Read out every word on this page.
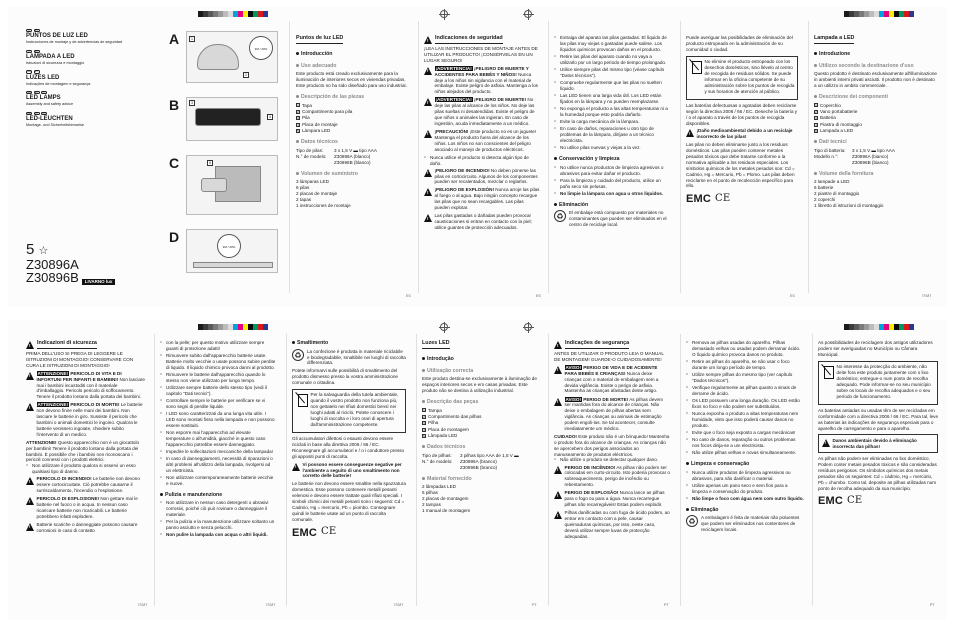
IT	MT
PUNTOS DE LUZ LED
Instrucciones de montaje y de advertencias de seguridad
IT	MT
LAMPADA A LED
Istruzioni di sicurezza e montaggio
GB	MT
LUZES LED
Indicações de montagem e segurança
GB	MT	CY
LED LAMPS
Assembly and safety advice
DE	AT	CH
LED-LEUCHTEN
Montage- und Sicherheitshinweise
5 ☆
Z30896A
Z30896B	LIVARNO lux
A
3M / 20%
1
2
B	3
4
C	5
D
3M / 20%
Puntos de luz LED
Introducción
Uso adecuado

Este producto está creado exclusivamente para la iluminación de interiores secos en viviendas privadas. Este producto no ha sido diseñado para uso industrial.

Descripción de las piezas
1 Tapa
2 Compartimento para pila
3 Pila
4 Placa de montaje
5 Lámpara LED
Datos técnicos
Tipo de pilas:	3 x 1,5 V ▬ tipo AAA
N.° de modelo:	Z30896A (blanco)
Z30896B (blanco)
Volumen de suministro
3 lámparas LED
6 pilas
2 placas de montaje
2 tapas
1 instrucciones de montaje
ES
!
Indicaciones de seguridad

¡LEA LAS INSTRUCCIONES DE MONTAJE ANTES DE UTILIZAR EL PRODUCTO! ¡CONSÉRVELAS EN UN LUGAR SEGURO!

!
¡ADVERTENCIA! ¡PELIGRO DE MUERTE Y ACCIDENTES PARA BEBÉS Y NIÑOS! Nunca deje a los niños sin vigilancia con el material de embalaje. Existe peligro de asfixia. Mantenga a los niños alejados del producto.
!
¡ADVERTENCIA! ¡PELIGRO DE MUERTE! No deje las pilas al alcance de los niños. No deje las pilas sueltas ni desatendidas. Existe el peligro de que niños o animales las ingieran. En caso de ingestión, acuda inmediatamente a un médico.
!
¡PRECAUCIÓN! ¡Este producto no es un juguete! Mantenga el producto fuera del alcance de los niños. Los niños no son conscientes del peligro asociado al manejo de productos eléctricos.
□ Nunca utilice el producto si detecta algún tipo de daño.
!
¡PELIGRO DE INCENDIO! No deben ponerse las pilas en cortocircuito. Algunos de los componentes pueden ser recalentados, mezclar o reglarlos.
!
¡PELIGRO DE EXPLOSIÓN! Nunca arroje las pilas al fuego o al agua. Bajo ningún concepto recargue las pilas que no sean recargables. Las pilas pueden explotar.
!
Las pilas gastadas o dañadas pueden provocar causticaciones si entran en contacto con la piel; utilice guantes de protección adecuados.
ES
□ Extraiga del aparato las pilas gastadas. El líquido de las pilas muy viejas o gastadas puede salirse. Los líquidos químicos provocan daños en el producto.
□ Retire las pilas del aparato cuando no vaya a utilizarlo por un largo periodo de tiempo prolongado.
□ Utilice siempre pilas del mismo tipo (véase capítulo "Datos técnicos").
□ Compruebe regularmente que las pilas no suelten líquido.
□ Las LED tienen una larga vida útil. Los LED están fijados en la lámpara y no pueden reemplazarse.
□ No exponga el producto a las altas temperaturas ni a la humedad porque esto podría dañarlo.
□ Evite la carga mecánica de la lámpara.
□ En caso de daños, reparaciones u otro tipo de problemas de la lámpara, diríjase a un técnico electricista.
□ No utilice pilas nuevas y viejas a la vez.
Conservación y limpieza
□ No utilice nunca productos de limpieza agresivos o abrasivos para evitar dañar el producto.
□ Para la limpieza y cuidado del producto, utilice un paño seco sin pelusas.
□ No limpie la lámpara con agua u otros líquidos.
Eliminación
♻	El embalaje está compuesto por materiales no contaminantes que pueden ser eliminados en el centro de reciclaje local.

Puede averiguar las posibilidades de eliminación del producto estropeado en la administración de su comunidad o ciudad.

No elimine el producto estropeado con los desechos domésticos, sino llévelo al centro de recogida de residuos sólidos. Se puede informar en la oficina competente de su administración sobre los puntos de recogida y sus horarios de atención al público.

Las baterías defectuosas o agotadas deben reciclarse según la directiva 2006 / 66 / EC. Deseche la batería y / o el aparato a través de los puntos de recogida disponibles.

!
¡Daño medioambiental debido a un reciclaje incorrecto de las pilas!

Las pilas no deben eliminarse junto a los residuos domésticos. Las pilas pueden contener metales pesados tóxicos que debe tratarse conforme a la normativa aplicable a los residuos especiales. Los símbolos químicos de los metales pesados son: Cd = Cadmio, Hg = Mercurio, Pb = Plomo. Las pilas deben reciclarse en el punto de recolección específico para ello.

EMC CE
ES
Lampada a LED
Introduzione
Utilizzo secondo la destinazione d'uso

Questo prodotto è destinato esclusivamente all'illuminazione in ambienti interni privati asciutti. Il prodotto non è destinato a un utilizzo in ambito commerciale.

Descrizione dei componenti
1 Coperchio
2 Vano portabatterie
3 Batteria
4 Piastra di montaggio
5 Lampada a LED
Dati tecnici
Tipo di batteria:	3 x 1,5 V ▬ tipo AAA
Modello n.°:	Z30896A (bianco)
Z30896B (bianco)
Volume della fornitura
2 lampade a LED
6 batterie
2 piastre di montaggio
2 coperchi
1 libretto di istruzioni di montaggio
IT/MT
!
Indicazioni di sicurezza

PRIMA DELL'USO SI PREGA DI LEGGERE LE ISTRUZIONI DI MONTAGGIO! CONSERVARE CON CURA LE ISTRUZIONI DI MONTAGGIO!

!
ATTENZIONE! PERICOLO DI VITA E DI INFORTUNI PER INFANTI E BAMBINI! Non lasciare mai i bambini incustoditi con il materiale d'imballaggio. Pericolo pericolo di soffocamento. Tenere il prodotto lontano dalla portata dei bambini.
!
ATTENZIONE! PERICOLO DI MORTE! Le batterie non devono finire nelle mani dei bambini. Non lasciare le batterie in giro. Sussiste il pericolo che bambini o animali domestici le ingoino. Qualora le batterie venissero ingoiate, chiedere subito l'intervento di un medico.
ATTENZIONE! Questo apparecchio non è un giocattolo per bambini! Tenere il prodotto lontano dalla portata dei bambini. È possibile che i bambini non riconoscano i pericoli connessi con i prodotti elettrici.
□ Non utilizzare il prodotto qualora si osservi un esso qualsiasi tipo di danno.
!
PERICOLO DI INCENDIO! Le batterie non devono essere cortocircuitate. Ciò potrebbe causarne il surriscaldamento, l'incendio o l'esplosione.
!
PERICOLO DI ESPLOSIONE! Non gettare mai le batterie nel fuoco o in acqua. In nessun caso ricaricare batterie non ricaricabili. Le batterie potrebbero infatti esplodere.
!
Batterie scariche o danneggiate possono causare corrosioni in caso di contatto
IT/MT
□ con la pelle; per questo motivo utilizzare sempre guanti di protezione adatti!
□ Rimuovere subito dall'apparecchio batterie usate. Batterie molto vecchie o usate possono subire perdite di liquido. Il liquido chimico provoca danni al prodotto.
□ Rimuovere le batterie dall'apparecchio quando lo stesso non viene utilizzato per lungo tempo.
□ Utilizzare sempre batterie dello stesso tipo (vedi il capitolo "Dati tecnici").
□ Controllare sempre le batterie per verificare se vi sono segni di perdite liquide.
□ I LED sono caratterizzati da una lunga vita utile. I LED sono montati fisso nella lampada e non possono essere sostituiti.
□ Non esporre mai l'apparecchio ad elevate temperature o all'umidità, giacché in questo caso l'apparecchio potrebbe essere danneggiato.
□ Impedire le sollecitazioni meccaniche della lampada!
□ In caso di danneggiamenti, necessità di riparazioni o altri problemi all'utilizzo della lampada, rivolgersi ad un elettricista.
□ Non utilizzare contemporaneamente batterie vecchie e nuove.
Pulizia e manutenzione
□ Non utilizzare in nessun caso detergenti o abrasivi corrosivi, poiché ciò può rovinare o danneggiare il materiale.
□ Per la pulizia e la manutenzione utilizzare soltanto un panno asciutto e senza pelucchi.
□ Non pulire la lampada con acqua o altri liquidi.
IT/MT
Smaltimento
♻	La confezione è prodotta in materiale riciclabile e biodegradabile, smaltibile nei luoghi di raccolta differenziata.

Potete informarvi sulle possibilità di smaltimento del prodotto dismesso presso la vostra amministrazione comunale o cittadina.

Per la salvaguardia della tutela ambientale, quando il vostro prodotto non funziona più, non gettatelo nei rifiuti domestici bensì nei luoghi adatti al riciclo. Potete conoscere i luoghi di raccolta e i loro orari di apertura dall'amministrazione competente.

Gli accumulatori difettosi o esausti devono essere riciclati in base alla direttiva 2006 / 66 / EC. Riconsegnare gli accumulatori e / o i conduttore presso gli appositi punti di raccolta.

!
Vi possono essere conseguenze negative per l'ambiente a seguito di uno smaltimento non corretto delle batterie!

Le batterie non devono essere smaltite nella spazzatura domestica. Esse possono contenere metalli pesanti velenosi e devono essere trattate quali rifiuti speciali. I simboli chimici dei metalli pesanti sono i seguenti: Cd = Cadmio, Hg = mercurio, Pb = piombo. Consegnare quindi le batterie usate ad un punto di raccolta comunale.

EMC CE
IT/MT
Luzes LED
Introdução
Utilização correcta

Este produto destina-se exclusivamente à iluminação de espaços interiores secos e em casas privadas. Este produto não se destina à utilização industrial.

Descrição das peças
1 Tampa
2 Compartimento das pilhas
3 Pilha
4 Placa de montagem
5 Lâmpada LED
Dados técnicos
Tipo de pilhas:	3 pilhas tipo AAA de 1,5 V ▬
N.° de modelo:	Z30896A (branco)
Z30896B (branco)
Material fornecido
2 lâmpadas LED
6 pilhas
2 placas de montagem
2 tampas
1 manual de montagem
PT
!
Indicações de segurança

ANTES DE UTILIZAR O PRODUTO LEIA O MANUAL DE MONTAGEM! GUARDE-O CUIDADOSAMENTE!

!
AVISO! PERIGO DE VIDA E DE ACIDENTE PARA BEBÉS E CRIANÇAS! Nunca deixe crianças com o material de embalagem sem a devida vigilância. Existe o perigo de asfixia. Mantenha as crianças afastadas deste artigo.
!
AVISO! PERIGO DE MORTE! As pilhas devem ser mantidas fora do alcance de crianças. Não deixe o embalagem de pilhas abertas sem vigilância. As crianças ou animais de estimação podem engoli-las. Se tal acontecer, consulte imediatamente um médico.
CUIDADO! Este produto não é um brinquedo! Mantenha o produto fora do alcance de crianças. As crianças não se apercebem dos perigos associados ao manuseamento de produtos eléctricos.
□ Não utilize o produto se detectar qualquer dano.
!
PERIGO DE INCÊNDIO! As pilhas não podem ser colocadas em curto-circuito. Isto poderia provocar o sobreaquecimento, perigo de incêndio ou rebentamento.
!
PERIGO DE EXPLOSÃO! Nunca lance as pilhas para o fogo ou para a água. Nunca recarregue pilhas não recarregáveis! Estas podem explodir.
!
Pilhas danificadas ou com fuga de ácido podem, ao entrar em contacto com a pele, causar queimaduras químicas, por isso, neste caso, deverá utilizar sempre luvas de protecção adequadas.
PT
□ Remova as pilhas usadas do aparelho. Pilhas demasiado velhas ou usadas podem derramar ácido. O líquido químico provoca danos no produto.
□ Retire as pilhas do aparelho, se não usar o foco durante um longo período de tempo.
□ Utilize sempre pilhas do mesmo tipo (ver capítulo "Dados técnicos").
□ Verifique regularmente as pilhas quanto a sinais de derrame de ácido.
□ Os LED possuem uma longa duração. Os LED estão fixos no foco e não podem ser substituídos.
□ Nunca exponha o produto a altas temperaturas nem humidade, visto que isso poderá causar danos no produto.
□ Evite que o foco seja exposto a cargas mecânicas!
□ No caso de danos, reparação ou outros problemas nos focos dirija-se a um electricista.
□ Não utilize pilhas velhas e novas simultaneamente.
Limpeza e conservação
□ Nunca utilize produtos de limpeza agressivos ou abrasivos, para não danificar o material.
□ Utilize apenas um pano seco e sem fios para a limpeza e conservação do produto.
□ Não limpe o foco com água nem com outro líquido.
Eliminação
♻	A embalagem é feita de materiais não poluentes que podem ser eliminados nos contentores de reciclagem locais.

As possibilidades de reciclagem dos antigos utilizadores podem ser averiguadas no Município ou Câmara Municipal.

No interesse da protecção do ambiente, não deite fora este produto juntamente com o lixo doméstico; entregue-o num ponto de recolha adequado. Pode informar-se no seu município sobre os locais de recolha adequados e o seu período de funcionamento.

As baterias antiadas ou usadas têm de ser recicladas em conformidade com a directiva 2006 / 66 / EC. Para tal, leve as baterias às indicações de segurança especiais para o aparelho de carregamento e para o aparelho.

!
Danos ambientais devido à eliminação incorrecta das pilhas!

As pilhas não podem ser eliminadas no lixo doméstico. Podem conter metais pesados tóxicos e são consideradas resíduos perigosos. Os símbolos químicos dos metais pesados são os seguintes: Cd = cádmio, Hg = mercúrio, Pb = chumbo. Como tal, deposite as pilhas utilizadas num ponto de recolha adequado da sua município.

EMC CE
PT
